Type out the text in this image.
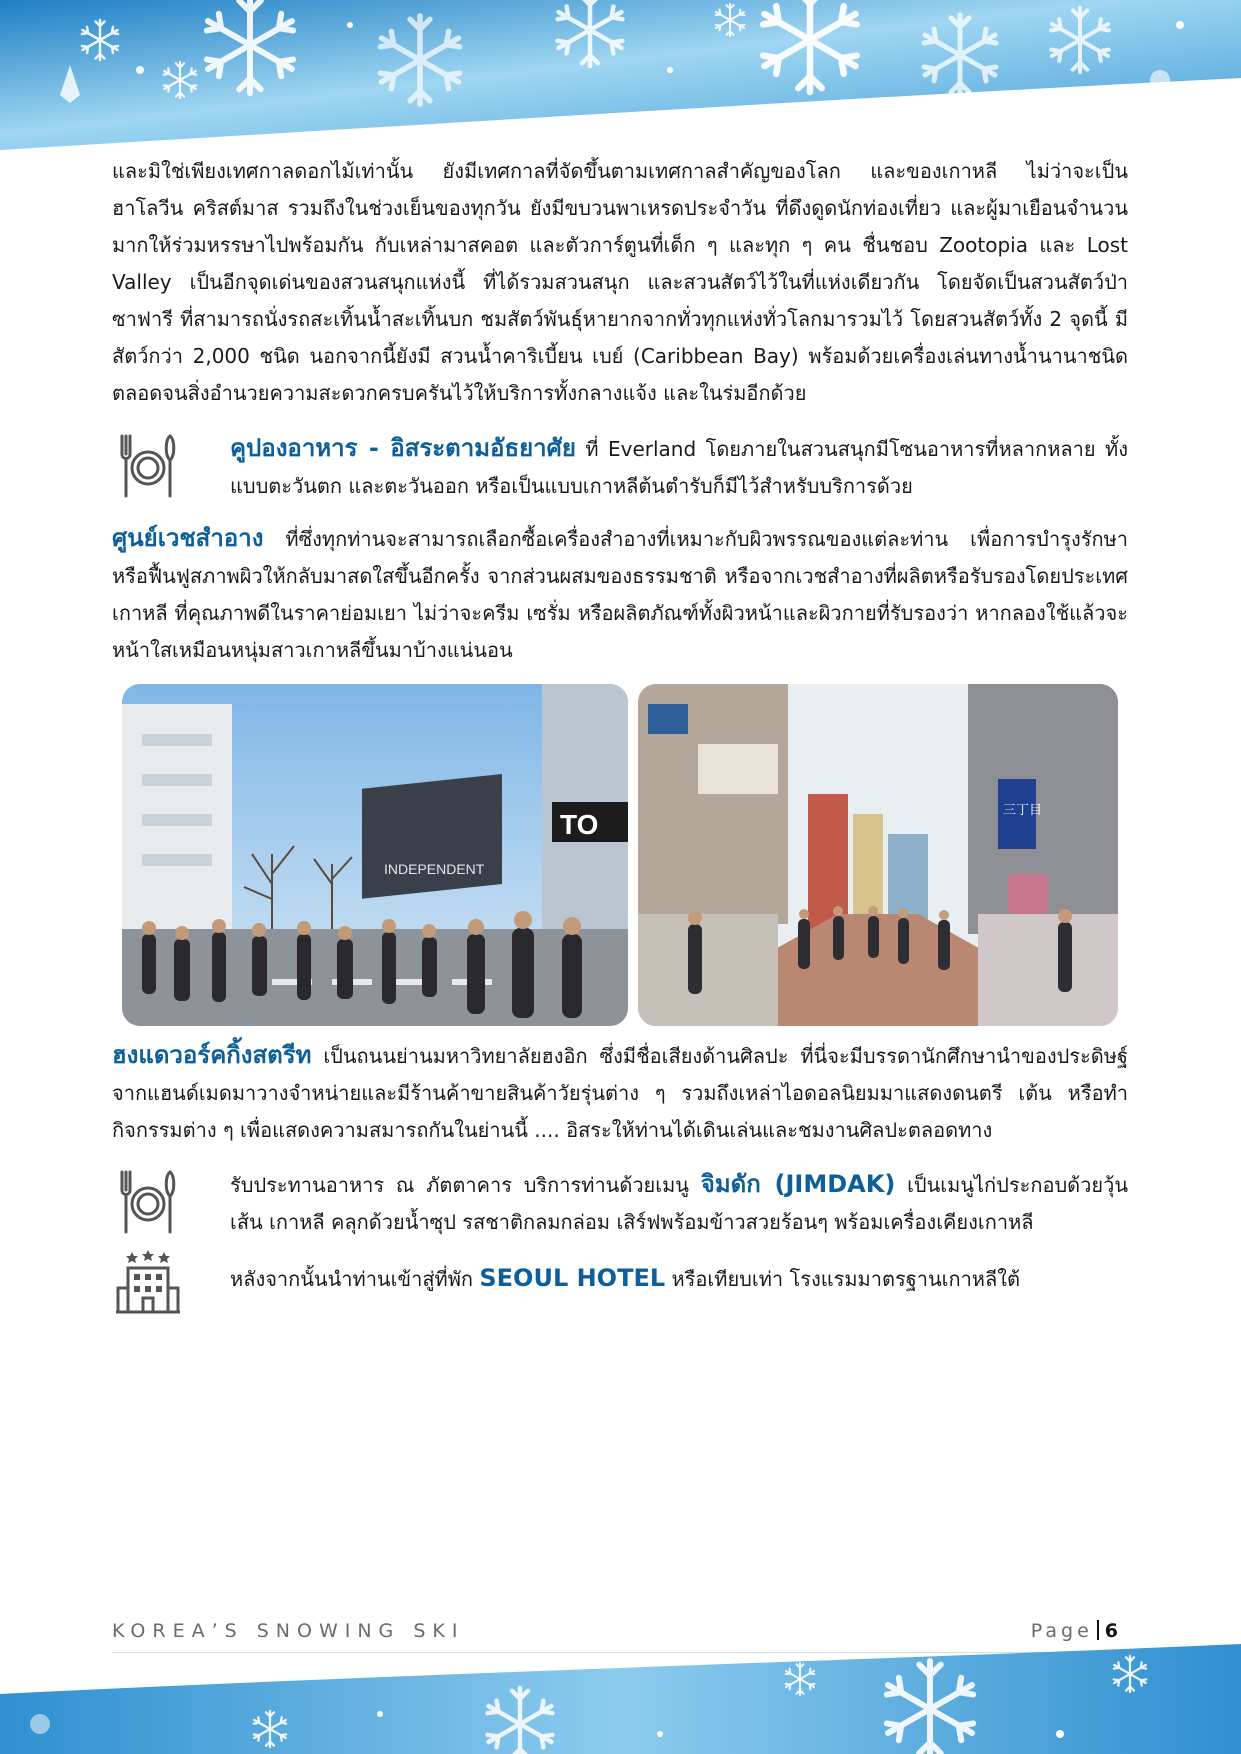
และมิใช่เพียงเทศกาลดอกไม้เท่านั้น ยังมีเทศกาลที่จัดขึ้นตามเทศกาลสำคัญของโลก และของเกาหลี ไม่ว่าจะเป็นฮาโลวีน คริสต์มาส รวมถึงในช่วงเย็นของทุกวัน ยังมีขบวนพาเหรดประจำวัน ที่ดึงดูดนักท่องเที่ยว และผู้มาเยือนจำนวนมากให้ร่วมหรรษาไปพร้อมกัน กับเหล่ามาสคอต และตัวการ์ตูนที่เด็ก ๆ และทุก ๆ คน ชื่นชอบ Zootopia และ Lost Valley เป็นอีกจุดเด่นของสวนสนุกแห่งนี้ ที่ได้รวมสวนสนุก และสวนสัตว์ไว้ในที่แห่งเดียวกัน โดยจัดเป็นสวนสัตว์ป่าซาฟารี ที่สามารถนั่งรถสะเทิ้นน้ำสะเทิ้นบก ชมสัตว์พันธุ์หายากจากทั่วทุกแห่งทั่วโลกมารวมไว้ โดยสวนสัตว์ทั้ง 2 จุดนี้ มีสัตว์กว่า 2,000 ชนิด นอกจากนี้ยังมี สวนน้ำคาริเบี้ยน เบย์ (Caribbean Bay) พร้อมด้วยเครื่องเล่นทางน้ำนานาชนิด ตลอดจนสิ่งอำนวยความสะดวกครบครันไว้ให้บริการทั้งกลางแจ้ง และในร่มอีกด้วย

คูปองอาหาร - อิสระตามอัธยาศัย ที่ Everland โดยภายในสวนสนุกมีโซนอาหารที่หลากหลาย ทั้งแบบตะวันตก และตะวันออก หรือเป็นแบบเกาหลีต้นตำรับก็มีไว้สำหรับบริการด้วย

ศูนย์เวชสำอาง ที่ซึ่งทุกท่านจะสามารถเลือกซื้อเครื่องสำอางที่เหมาะกับผิวพรรณของแต่ละท่าน เพื่อการบำรุงรักษาหรือฟื้นฟูสภาพผิวให้กลับมาสดใสขึ้นอีกครั้ง จากส่วนผสมของธรรมชาติ หรือจากเวชสำอางที่ผลิตหรือรับรองโดยประเทศเกาหลี ที่คุณภาพดีในราคาย่อมเยา ไม่ว่าจะครีม เซรั่ม หรือผลิตภัณฑ์ทั้งผิวหน้าและผิวกายที่รับรองว่า หากลองใช้แล้วจะหน้าใสเหมือนหนุ่มสาวเกาหลีขึ้นมาบ้างแน่นอน

INDEPENDENT
TO	三丁目

ฮงแดวอร์คกิ้งสตรีท เป็นถนนย่านมหาวิทยาลัยฮงอิก ซึ่งมีชื่อเสียงด้านศิลปะ ที่นี่จะมีบรรดานักศึกษานำของประดิษฐ์จากแฮนด์เมดมาวางจำหน่ายและมีร้านค้าขายสินค้าวัยรุ่นต่าง ๆ รวมถึงเหล่าไอดอลนิยมมาแสดงดนตรี เต้น หรือทำกิจกรรมต่าง ๆ เพื่อแสดงความสมารถกันในย่านนี้ .... อิสระให้ท่านได้เดินเล่นและชมงานศิลปะตลอดทาง

รับประทานอาหาร ณ ภัตตาคาร บริการท่านด้วยเมนู จิมดัก (JIMDAK) เป็นเมนูไก่ประกอบด้วยวุ้นเส้น เกาหลี คลุกด้วยน้ำซุป รสชาติกลมกล่อม เสิร์ฟพร้อมข้าวสวยร้อนๆ พร้อมเครื่องเคียงเกาหลี

หลังจากนั้นนำท่านเข้าสู่ที่พัก SEOUL HOTEL หรือเทียบเท่า โรงแรมมาตรฐานเกาหลีใต้

KOREA’S SNOWING SKI	Page 6
